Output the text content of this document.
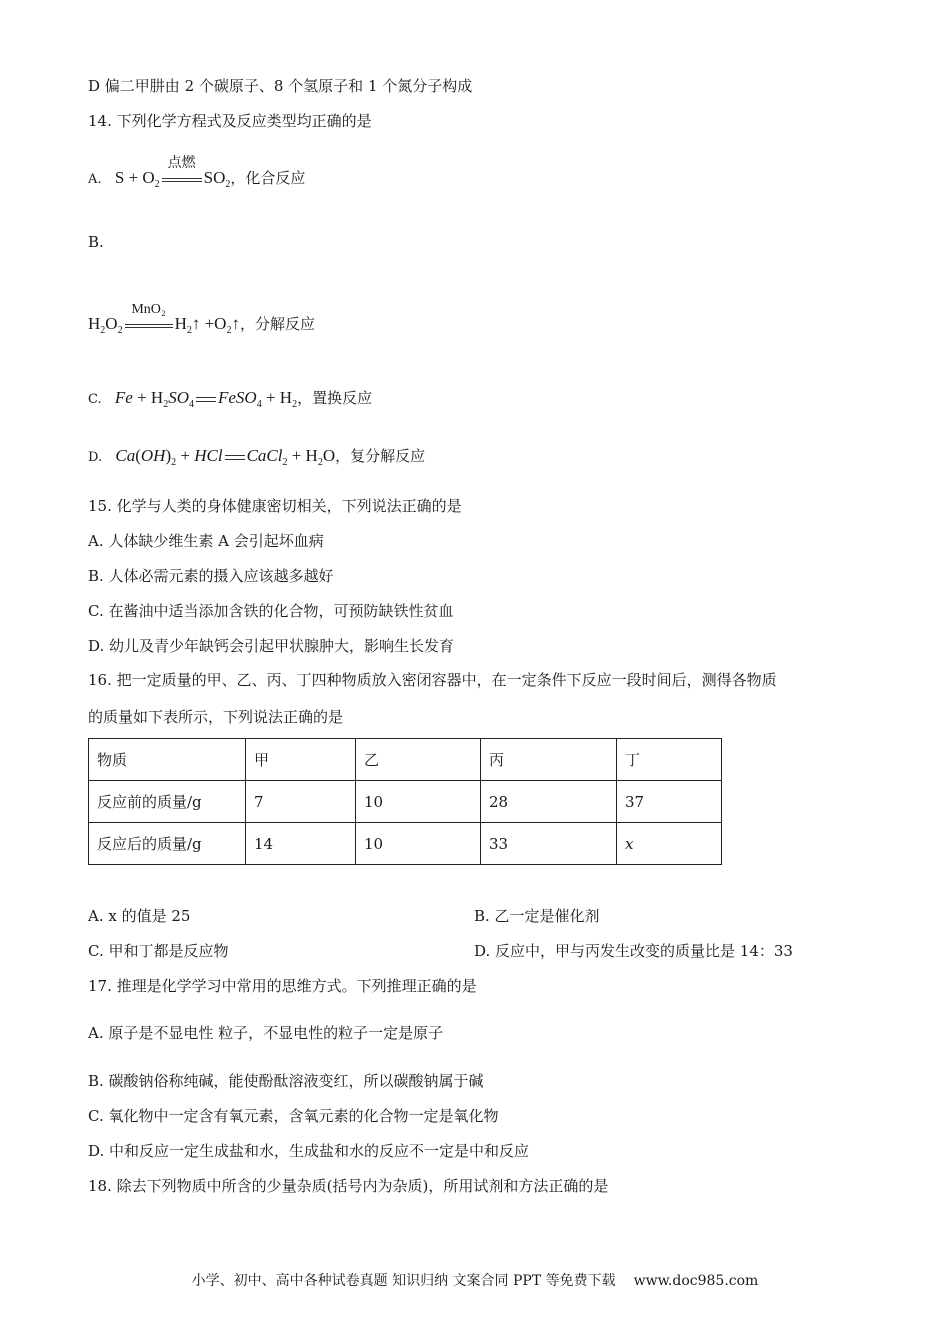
D 偏二甲肼由 2 个碳原子、8 个氢原子和 1 个氮分子构成
14. 下列化学方程式及反应类型均正确的是
A.   $S + O_2$
点燃
$SO_2$，化合反应
B.
$H_2O_2$
MnO₂
$H_2↑$ $+O_2↑$，分解反应
C. $Fe + H_2SO_4$ FeSO$_4$ + $H_2$，置换反应
D. $Ca(OH)_2$ + HCl CaCl$_2$ + $H_2O$，复分解反应
15. 化学与人类的身体健康密切相关，下列说法正确的是
A. 人体缺少维生素 A 会引起坏血病
B. 人体必需元素的摄入应该越多越好
C. 在酱油中适当添加含铁的化合物，可预防缺铁性贫血
D. 幼儿及青少年缺钙会引起甲状腺肿大，影响生长发育
16. 把一定质量的甲、乙、丙、丁四种物质放入密闭容器中，在一定条件下反应一段时间后，测得各物质
的质量如下表所示，下列说法正确的是
物质	甲	乙	丙	丁
反应前的质量/g	7	10	28	37
反应后的质量/g	14	10	33	x
A. x 的值是 25	B. 乙一定是催化剂
C. 甲和丁都是反应物	D. 反应中，甲与丙发生改变的质量比是 14：33
17. 推理是化学学习中常用的思维方式。下列推理正确的是
A. 原子是不显电性 粒子，不显电性的粒子一定是原子
B. 碳酸钠俗称纯碱，能使酚酞溶液变红，所以碳酸钠属于碱
C. 氧化物中一定含有氧元素，含氧元素的化合物一定是氧化物
D. 中和反应一定生成盐和水，生成盐和水的反应不一定是中和反应
18. 除去下列物质中所含的少量杂质(括号内为杂质)，所用试剂和方法正确的是
小学、初中、高中各种试卷真题 知识归纳 文案合同 PPT 等免费下载 www.doc985.com
